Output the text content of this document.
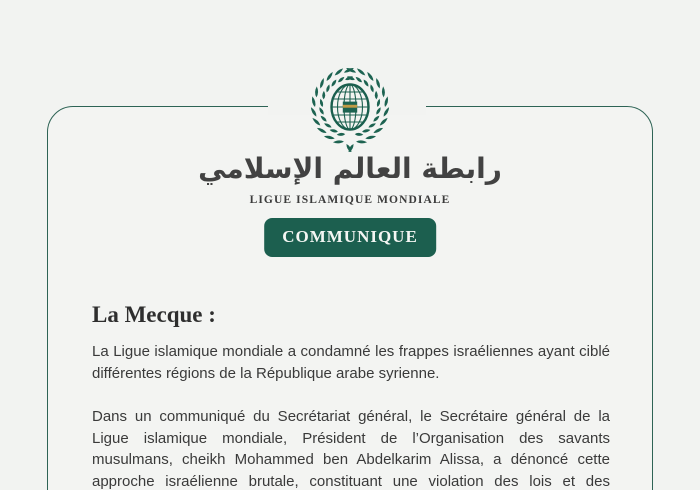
رابطة العالم الإسلامي
LIGUE ISLAMIQUE MONDIALE
COMMUNIQUE
La Mecque :

La Ligue islamique mondiale a condamné les frappes israéliennes ayant ciblé différentes régions de la République arabe syrienne.

Dans un communiqué du Secrétariat général, le Secrétaire général de la Ligue islamique mondiale, Président de l’Organisation des savants musulmans, cheikh Mohammed ben Abdelkarim Alissa, a dénoncé cette approche israélienne brutale, constituant une violation des lois et des
